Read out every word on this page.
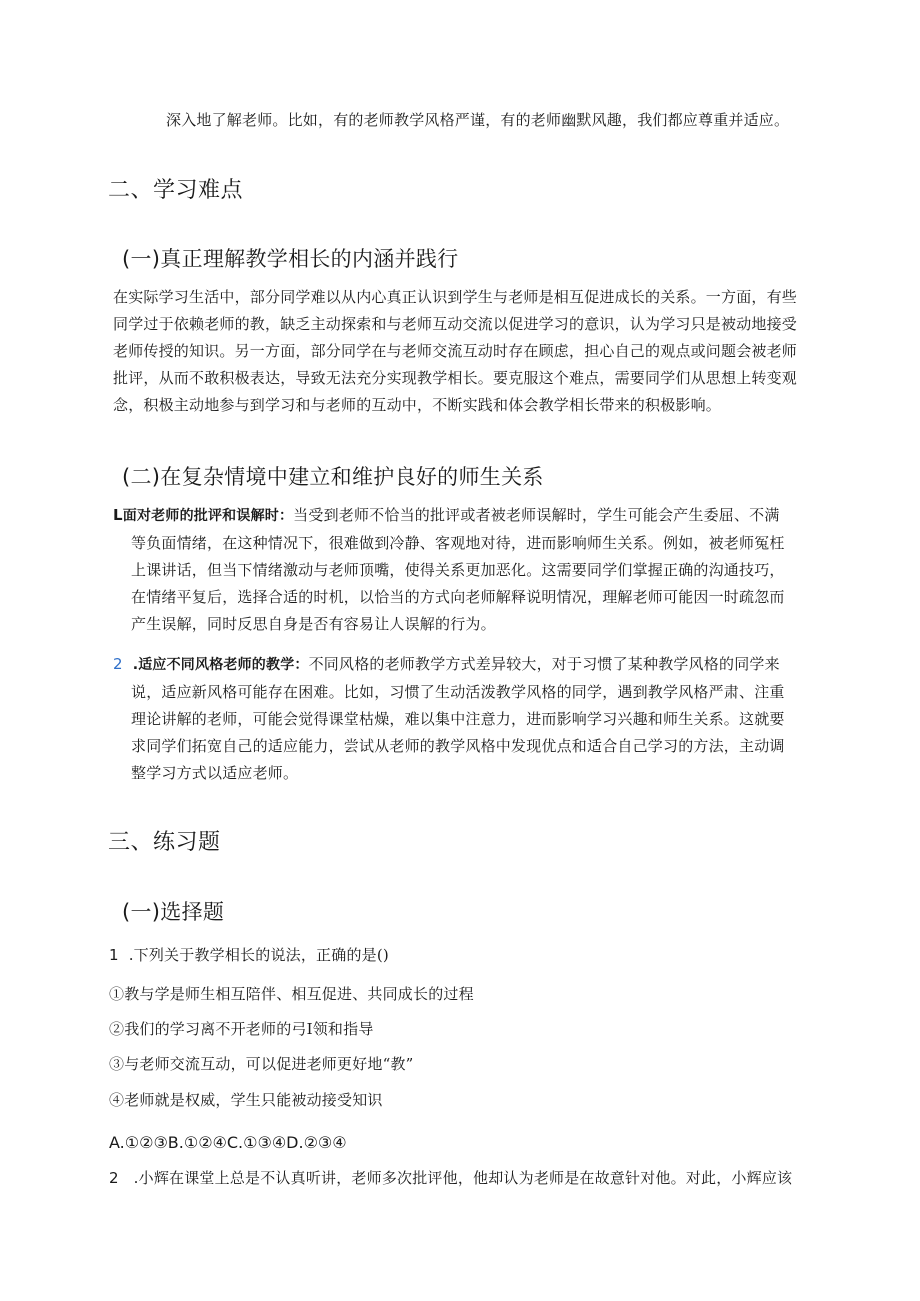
深入地了解老师。比如，有的老师教学风格严谨，有的老师幽默风趣，我们都应尊重并适应。
二、学习难点
(一)真正理解教学相长的内涵并践行
在实际学习生活中，部分同学难以从内心真正认识到学生与老师是相互促进成长的关系。一方面，有些
同学过于依赖老师的教，缺乏主动探索和与老师互动交流以促进学习的意识，认为学习只是被动地接受
老师传授的知识。另一方面，部分同学在与老师交流互动时存在顾虑，担心自己的观点或问题会被老师
批评，从而不敢积极表达，导致无法充分实现教学相长。要克服这个难点，需要同学们从思想上转变观
念，积极主动地参与到学习和与老师的互动中，不断实践和体会教学相长带来的积极影响。
(二)在复杂情境中建立和维护良好的师生关系
L面对老师的批评和误解时：当受到老师不恰当的批评或者被老师误解时，学生可能会产生委屈、不满
等负面情绪，在这种情况下，很难做到冷静、客观地对待，进而影响师生关系。例如，被老师冤枉
上课讲话，但当下情绪激动与老师顶嘴，使得关系更加恶化。这需要同学们掌握正确的沟通技巧，
在情绪平复后，选择合适的时机，以恰当的方式向老师解释说明情况，理解老师可能因一时疏忽而
产生误解，同时反思自身是否有容易让人误解的行为。
2 .适应不同风格老师的教学：不同风格的老师教学方式差异较大，对于习惯了某种教学风格的同学来
说，适应新风格可能存在困难。比如，习惯了生动活泼教学风格的同学，遇到教学风格严肃、注重
理论讲解的老师，可能会觉得课堂枯燥，难以集中注意力，进而影响学习兴趣和师生关系。这就要
求同学们拓宽自己的适应能力，尝试从老师的教学风格中发现优点和适合自己学习的方法，主动调
整学习方式以适应老师。
三、练习题
(一)选择题
1 .下列关于教学相长的说法，正确的是()
①教与学是师生相互陪伴、相互促进、共同成长的过程
②我们的学习离不开老师的弓I领和指导
③与老师交流互动，可以促进老师更好地“教”
④老师就是权威，学生只能被动接受知识
A.①②③B.①②④C.①③④D.②③④
2 .小辉在课堂上总是不认真听讲，老师多次批评他，他却认为老师是在故意针对他。对此，小辉应该
